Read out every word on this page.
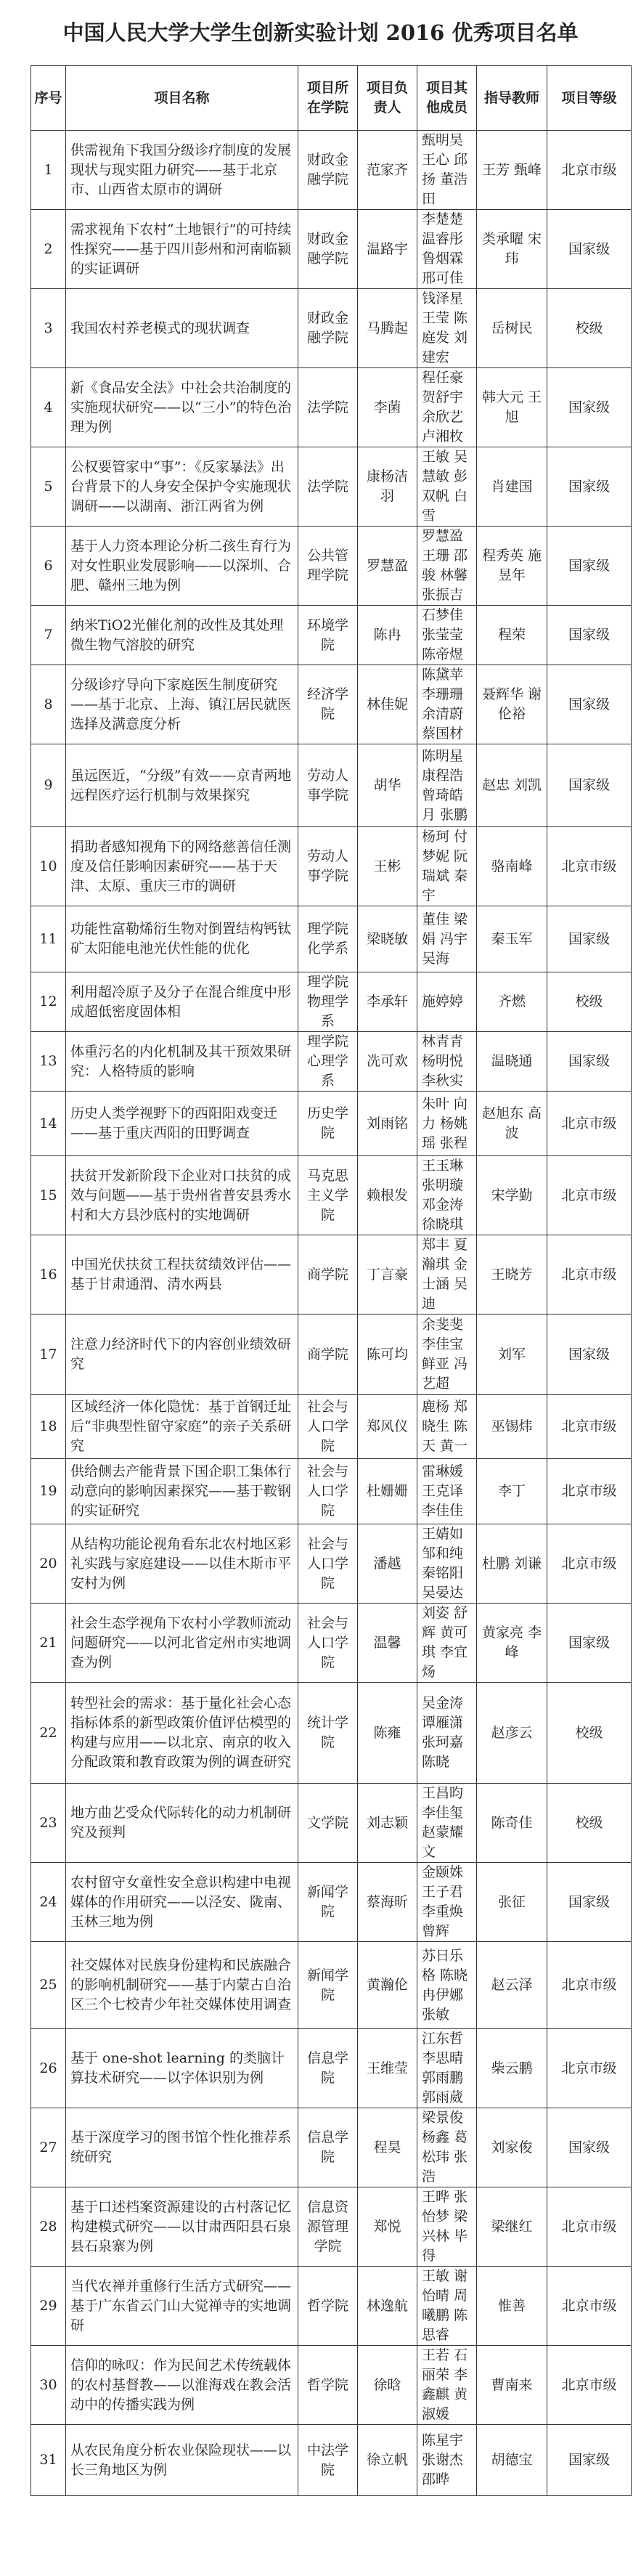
中国人民大学大学生创新实验计划 2016 优秀项目名单
序号	项目名称	项目所在学院	项目负责人	项目其他成员	指导教师	项目等级
1	供需视角下我国分级诊疗制度的发展现状与现实阻力研究——基于北京市、山西省太原市的调研	财政金融学院	范家齐	甄明昊 王心 邱扬 董浩田	王芳 甄峰	北京市级
2	需求视角下农村“土地银行”的可持续性探究——基于四川彭州和河南临颍的实证调研	财政金融学院	温路宇	李楚楚 温睿彤 鲁烟霖 邢可佳	类承曜 宋玮	国家级
3	我国农村养老模式的现状调查	财政金融学院	马腾起	钱泽星 王莹 陈庭发 刘建宏	岳树民	校级
4	新《食品安全法》中社会共治制度的实施现状研究——以“三小”的特色治理为例	法学院	李菌	程任豪 贺舒宇 余欣艺 卢湘枚	韩大元 王旭	国家级
5	公权要管家中“事”：《反家暴法》出台背景下的人身安全保护令实施现状调研——以湖南、浙江两省为例	法学院	康杨洁羽	王敏 吴慧敏 彭双帆 白雪	肖建国	国家级
6	基于人力资本理论分析二孩生育行为对女性职业发展影响——以深圳、合肥、赣州三地为例	公共管理学院	罗慧盈	罗慧盈 王珊 邵骏 林馨 张振吉	程秀英 施昱年	国家级
7	纳米TiO2光催化剂的改性及其处理微生物气溶胶的研究	环境学院	陈冉	石梦佳 张莹莹 陈帝煜	程荣	国家级
8	分级诊疗导向下家庭医生制度研究——基于北京、上海、镇江居民就医选择及满意度分析	经济学院	林佳妮	陈黛苹 李珊珊 余清蔚 蔡国材	聂辉华 谢伦裕	国家级
9	虽远医近，“分级”有效——京青两地远程医疗运行机制与效果探究	劳动人事学院	胡华	陈明星 康程浩 曾琦皓 月 张鹏	赵忠 刘凯	国家级
10	捐助者感知视角下的网络慈善信任测度及信任影响因素研究——基于天津、太原、重庆三市的调研	劳动人事学院	王彬	杨珂 付梦妮 阮瑞斌 秦宇	骆南峰	北京市级
11	功能性富勒烯衍生物对倒置结构钙钛矿太阳能电池光伏性能的优化	理学院化学系	梁晓敏	董佳 梁娟 冯宇 吴海	秦玉军	国家级
12	利用超冷原子及分子在混合维度中形成超低密度固体相	理学院物理学系	李承轩	施婷婷	齐燃	校级
13	体重污名的内化机制及其干预效果研究：人格特质的影响	理学院心理学系	冼可欢	林青青 杨明悦 李秋实	温晓通	国家级
14	历史人类学视野下的西阳阳戏变迁——基于重庆西阳的田野调查	历史学院	刘雨铭	朱叶 向力 杨姚瑶 张程	赵旭东 高波	北京市级
15	扶贫开发新阶段下企业对口扶贫的成效与问题——基于贵州省普安县秀水村和大方县沙底村的实地调研	马克思主义学院	赖根发	王玉琳 张明璇 邓金涛 徐晓琪	宋学勤	北京市级
16	中国光伏扶贫工程扶贫绩效评估——基于甘肃通渭、清水两县	商学院	丁言豪	郑丰 夏瀚琪 金士涵 吴迪	王晓芳	北京市级
17	注意力经济时代下的内容创业绩效研究	商学院	陈可均	余斐斐 李佳宝 鲜亚 冯艺超	刘军	国家级
18	区域经济一体化隐忧：基于首钢迁址后“非典型性留守家庭”的亲子关系研究	社会与人口学院	郑风仪	鹿杨 郑晓生 陈天 黄一	巫锡炜	北京市级
19	供给侧去产能背景下国企职工集体行动意向的影响因素探究——基于鞍钢的实证研究	社会与人口学院	杜姗姗	雷琳媛 王克译 李佳佳	李丁	北京市级
20	从结构功能论视角看东北农村地区彩礼实践与家庭建设——以佳木斯市平安村为例	社会与人口学院	潘越	王婧如 邹和纯 秦铭阳 吴晏达	杜鹏 刘谦	北京市级
21	社会生态学视角下农村小学教师流动问题研究——以河北省定州市实地调查为例	社会与人口学院	温馨	刘姿 舒辉 黄可琪 李宜炀	黄家亮 李峰	国家级
22	转型社会的需求：基于量化社会心态指标体系的新型政策价值评估模型的构建与应用——以北京、南京的收入分配政策和教育政策为例的调查研究	统计学院	陈雍	吴金涛 谭雁潇 张珂嘉 陈晓	赵彦云	校级
23	地方曲艺受众代际转化的动力机制研究及预判	文学院	刘志颖	王昌昀 李佳玺 赵蒙耀文	陈奇佳	校级
24	农村留守女童性安全意识构建中电视媒体的作用研究——以泾安、陇南、玉林三地为例	新闻学院	蔡海昕	金颐姝 王子君 李重焕 曾辉	张征	国家级
25	社交媒体对民族身份建构和民族融合的影响机制研究——基于内蒙古自治区三个七校青少年社交媒体使用调查	新闻学院	黄瀚伦	苏日乐 格 陈晓 冉伊娜 张敏	赵云泽	北京市级
26	基于 one-shot learning 的类脑计算技术研究——以字体识别为例	信息学院	王维莹	江东哲 李思晴 郭雨鹏 郭雨葳	柴云鹏	北京市级
27	基于深度学习的图书馆个性化推荐系统研究	信息学院	程昊	梁景俊 杨鑫 葛松玮 张 浩	刘家俊	国家级
28	基于口述档案资源建设的古村落记忆构建模式研究——以甘肃西阳县石泉县石泉寨为例	信息资源管理学院	郑悦	王晔 张怡梦 梁 兴林 毕得	梁继红	北京市级
29	当代农禅并重修行生活方式研究——基于广东省云门山大觉禅寺的实地调研	哲学院	林逸航	王敏 谢 怡晴 周曦鹏 陈思睿	惟善	北京市级
30	信仰的咏叹：作为民间艺术传统载体的农村基督教——以淮海戏在教会活动中的传播实践为例	哲学院	徐晗	王若 石丽荣 李鑫麒 黄淑媛	曹南来	北京市级
31	从农民角度分析农业保险现状——以长三角地区为例	中法学院	徐立帆	陈星宇 张谢杰 邵晔	胡德宝	国家级
